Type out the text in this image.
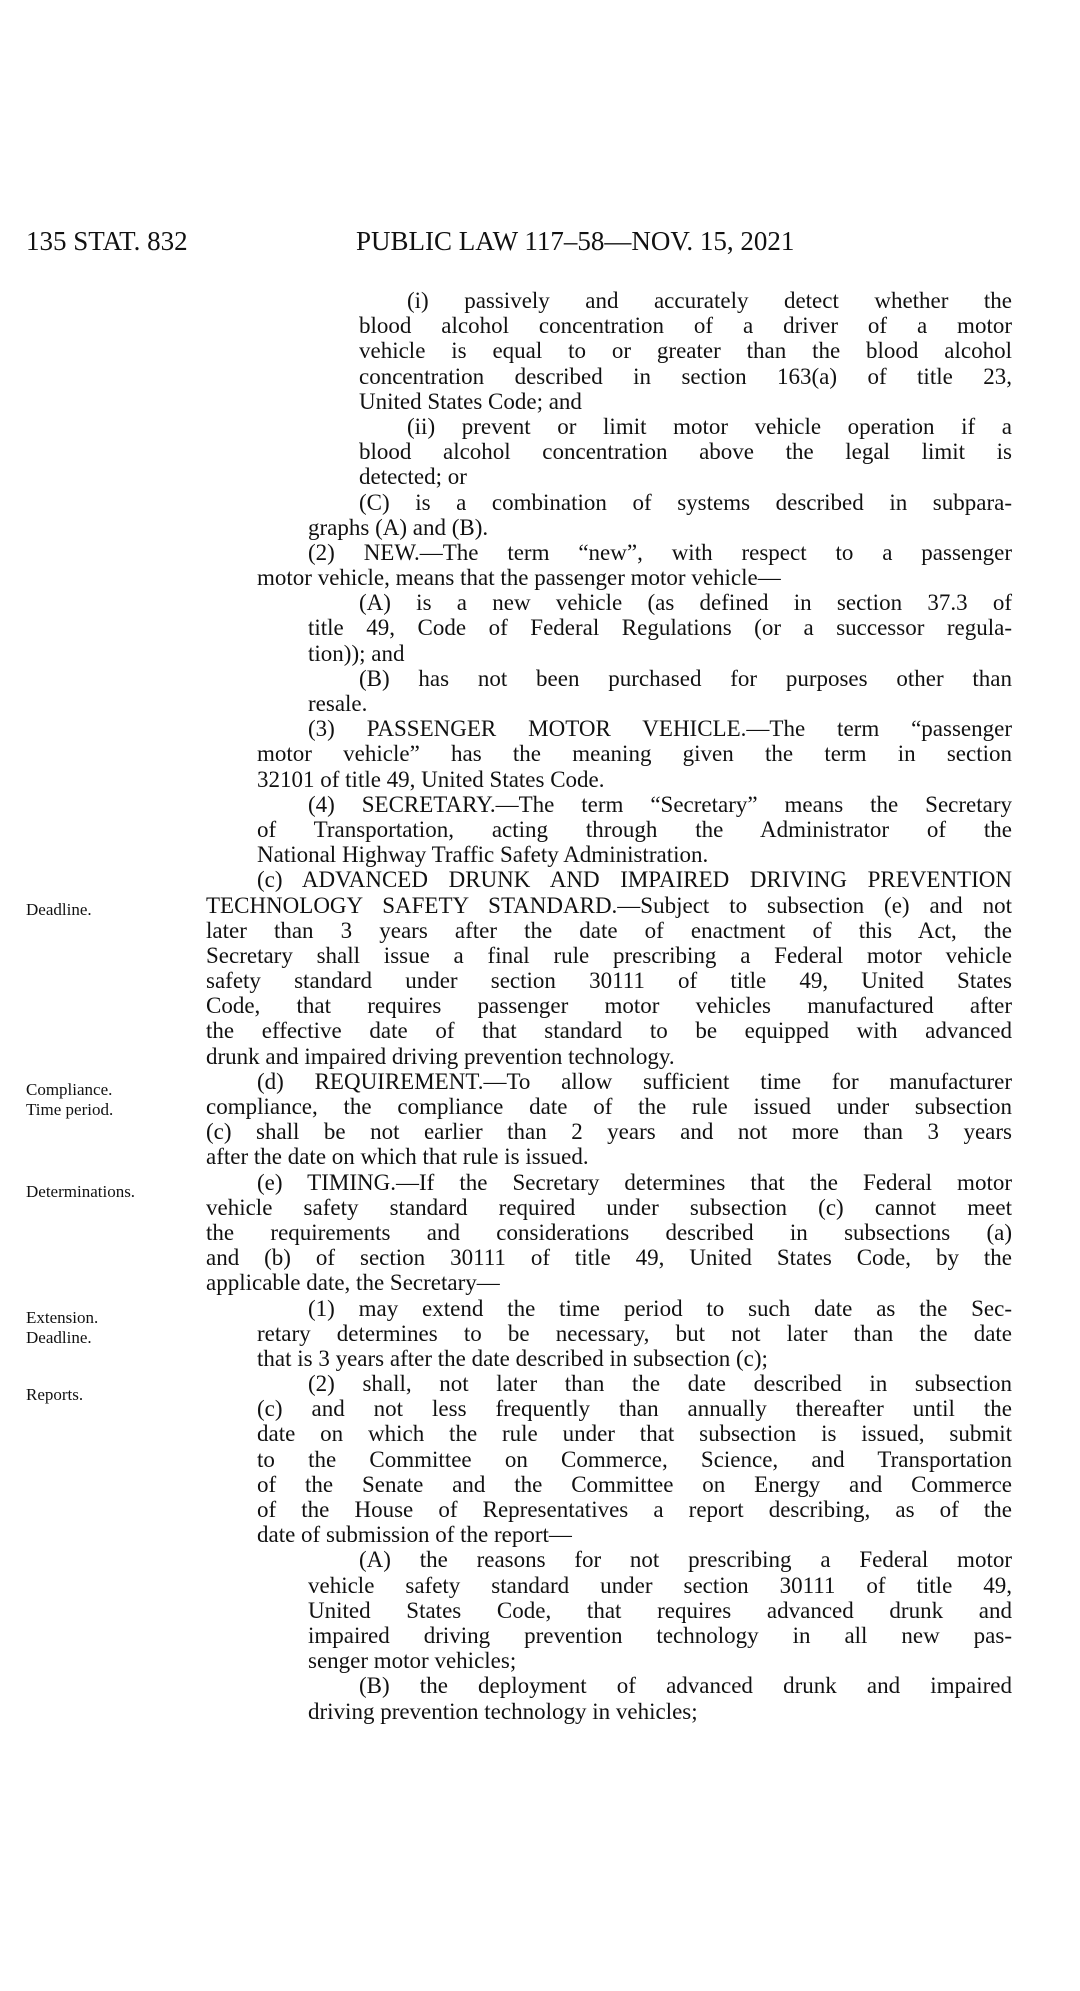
135 STAT. 832	PUBLIC LAW 117–58—NOV. 15, 2021
Deadline.
Compliance.
Time period.
Determinations.
Extension.
Deadline.
Reports.
(i) passively and accurately detect whether the
blood alcohol concentration of a driver of a motor
vehicle is equal to or greater than the blood alcohol
concentration described in section 163(a) of title 23,
United States Code; and
(ii) prevent or limit motor vehicle operation if a
blood alcohol concentration above the legal limit is
detected; or
(C) is a combination of systems described in subpara-
graphs (A) and (B).
(2) NEW.—The term “new”, with respect to a passenger
motor vehicle, means that the passenger motor vehicle—
(A) is a new vehicle (as defined in section 37.3 of
title 49, Code of Federal Regulations (or a successor regula-
tion)); and
(B) has not been purchased for purposes other than
resale.
(3) PASSENGER MOTOR VEHICLE.—The term “passenger
motor vehicle” has the meaning given the term in section
32101 of title 49, United States Code.
(4) SECRETARY.—The term “Secretary” means the Secretary
of Transportation, acting through the Administrator of the
National Highway Traffic Safety Administration.
(c) ADVANCED DRUNK AND IMPAIRED DRIVING PREVENTION
TECHNOLOGY SAFETY STANDARD.—Subject to subsection (e) and not
later than 3 years after the date of enactment of this Act, the
Secretary shall issue a final rule prescribing a Federal motor vehicle
safety standard under section 30111 of title 49, United States
Code, that requires passenger motor vehicles manufactured after
the effective date of that standard to be equipped with advanced
drunk and impaired driving prevention technology.
(d) REQUIREMENT.—To allow sufficient time for manufacturer
compliance, the compliance date of the rule issued under subsection
(c) shall be not earlier than 2 years and not more than 3 years
after the date on which that rule is issued.
(e) TIMING.—If the Secretary determines that the Federal motor
vehicle safety standard required under subsection (c) cannot meet
the requirements and considerations described in subsections (a)
and (b) of section 30111 of title 49, United States Code, by the
applicable date, the Secretary—
(1) may extend the time period to such date as the Sec-
retary determines to be necessary, but not later than the date
that is 3 years after the date described in subsection (c);
(2) shall, not later than the date described in subsection
(c) and not less frequently than annually thereafter until the
date on which the rule under that subsection is issued, submit
to the Committee on Commerce, Science, and Transportation
of the Senate and the Committee on Energy and Commerce
of the House of Representatives a report describing, as of the
date of submission of the report—
(A) the reasons for not prescribing a Federal motor
vehicle safety standard under section 30111 of title 49,
United States Code, that requires advanced drunk and
impaired driving prevention technology in all new pas-
senger motor vehicles;
(B) the deployment of advanced drunk and impaired
driving prevention technology in vehicles;
